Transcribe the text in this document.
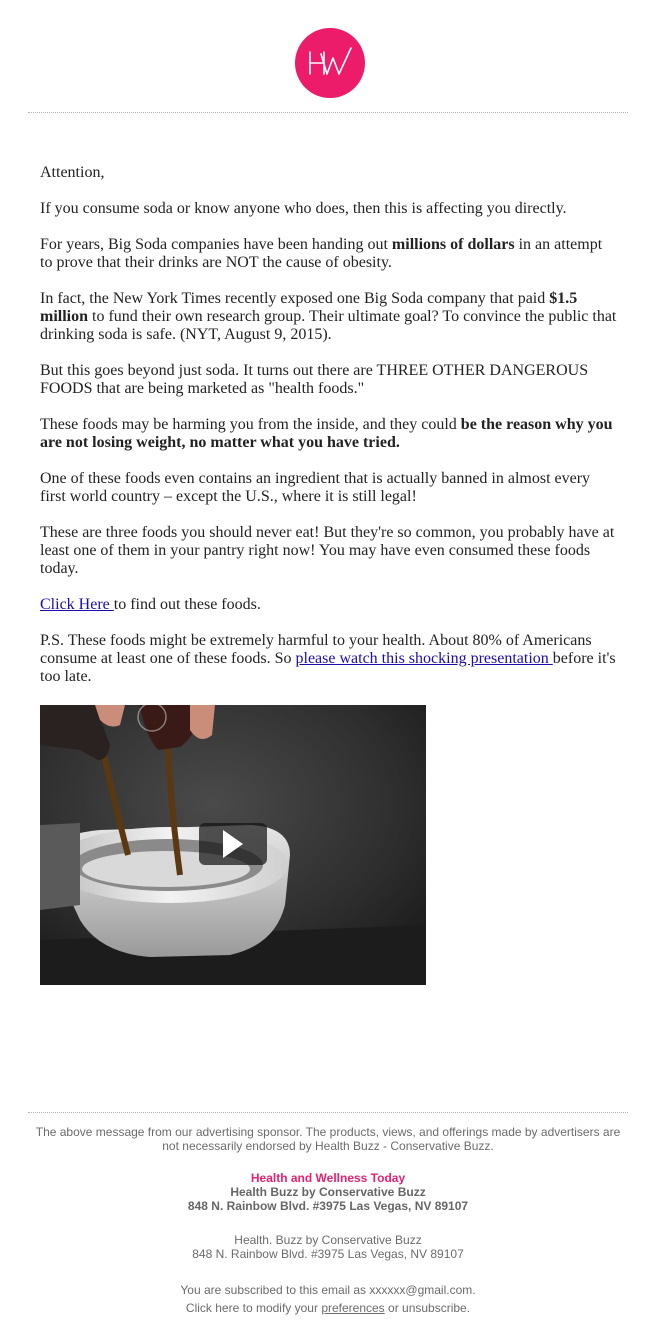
Attention,

If you consume soda or know anyone who does, then this is affecting you directly.

For years, Big Soda companies have been handing out millions of dollars in an attempt to prove that their drinks are NOT the cause of obesity.

In fact, the New York Times recently exposed one Big Soda company that paid $1.5 million to fund their own research group. Their ultimate goal? To convince the public that drinking soda is safe. (NYT, August 9, 2015).

But this goes beyond just soda. It turns out there are THREE OTHER DANGEROUS FOODS that are being marketed as "health foods."

These foods may be harming you from the inside, and they could be the reason why you are not losing weight, no matter what you have tried.

One of these foods even contains an ingredient that is actually banned in almost every first world country – except the U.S., where it is still legal!

These are three foods you should never eat! But they're so common, you probably have at least one of them in your pantry right now! You may have even consumed these foods today.

Click Here to find out these foods.

P.S. These foods might be extremely harmful to your health. About 80% of Americans consume at least one of these foods. So please watch this shocking presentation before it's too late.

The above message from our advertising sponsor. The products, views, and offerings made by advertisers are not necessarily endorsed by Health Buzz - Conservative Buzz.
Health and Wellness Today
Health Buzz by Conservative Buzz
848 N. Rainbow Blvd. #3975 Las Vegas, NV 89107
Health. Buzz by Conservative Buzz
848 N. Rainbow Blvd. #3975 Las Vegas, NV 89107
You are subscribed to this email as xxxxxx@gmail.com.
Click here to modify your preferences or unsubscribe.
